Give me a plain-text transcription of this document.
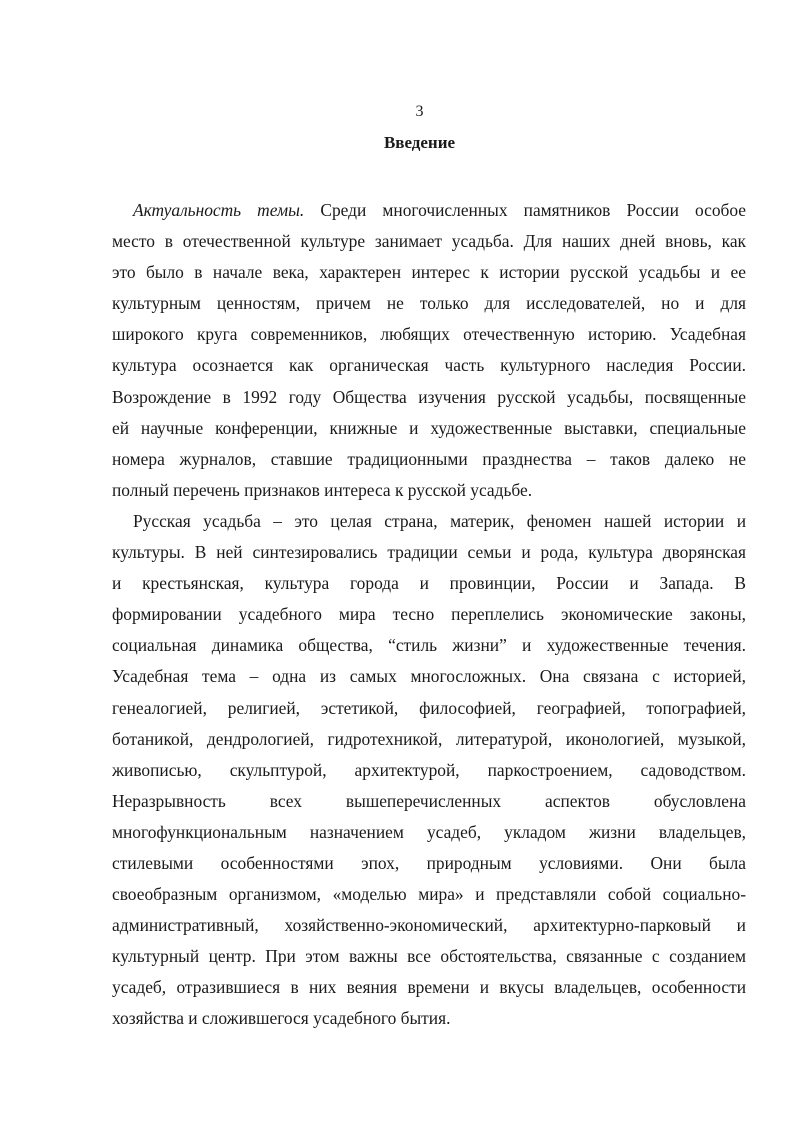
3
Введение
Актуальность темы. Среди многочисленных памятников России особое
место в отечественной культуре занимает усадьба. Для наших дней вновь, как
это было в начале века, характерен интерес к истории русской усадьбы и ее
культурным ценностям, причем не только для исследователей, но и для
широкого круга современников, любящих отечественную историю. Усадебная
культура осознается как органическая часть культурного наследия России.
Возрождение в 1992 году Общества изучения русской усадьбы, посвященные
ей научные конференции, книжные и художественные выставки, специальные
номера журналов, ставшие традиционными празднества – таков далеко не
полный перечень признаков интереса к русской усадьбе.
Русская усадьба – это целая страна, материк, феномен нашей истории и
культуры. В ней синтезировались традиции семьи и рода, культура дворянская
и крестьянская, культура города и провинции, России и Запада. В
формировании усадебного мира тесно переплелись экономические законы,
социальная динамика общества, “стиль жизни” и художественные течения.
Усадебная тема – одна из самых многосложных. Она связана с историей,
генеалогией, религией, эстетикой, философией, географией, топографией,
ботаникой, дендрологией, гидротехникой, литературой, иконологией, музыкой,
живописью, скульптурой, архитектурой, паркостроением, садоводством.
Неразрывность всех вышеперечисленных аспектов обусловлена
многофункциональным назначением усадеб, укладом жизни владельцев,
стилевыми особенностями эпох, природным условиями. Они была
своеобразным организмом, «моделью мира» и представляли собой социально-
административный, хозяйственно-экономический, архитектурно-парковый и
культурный центр. При этом важны все обстоятельства, связанные с созданием
усадеб, отразившиеся в них веяния времени и вкусы владельцев, особенности
хозяйства и сложившегося усадебного бытия.
